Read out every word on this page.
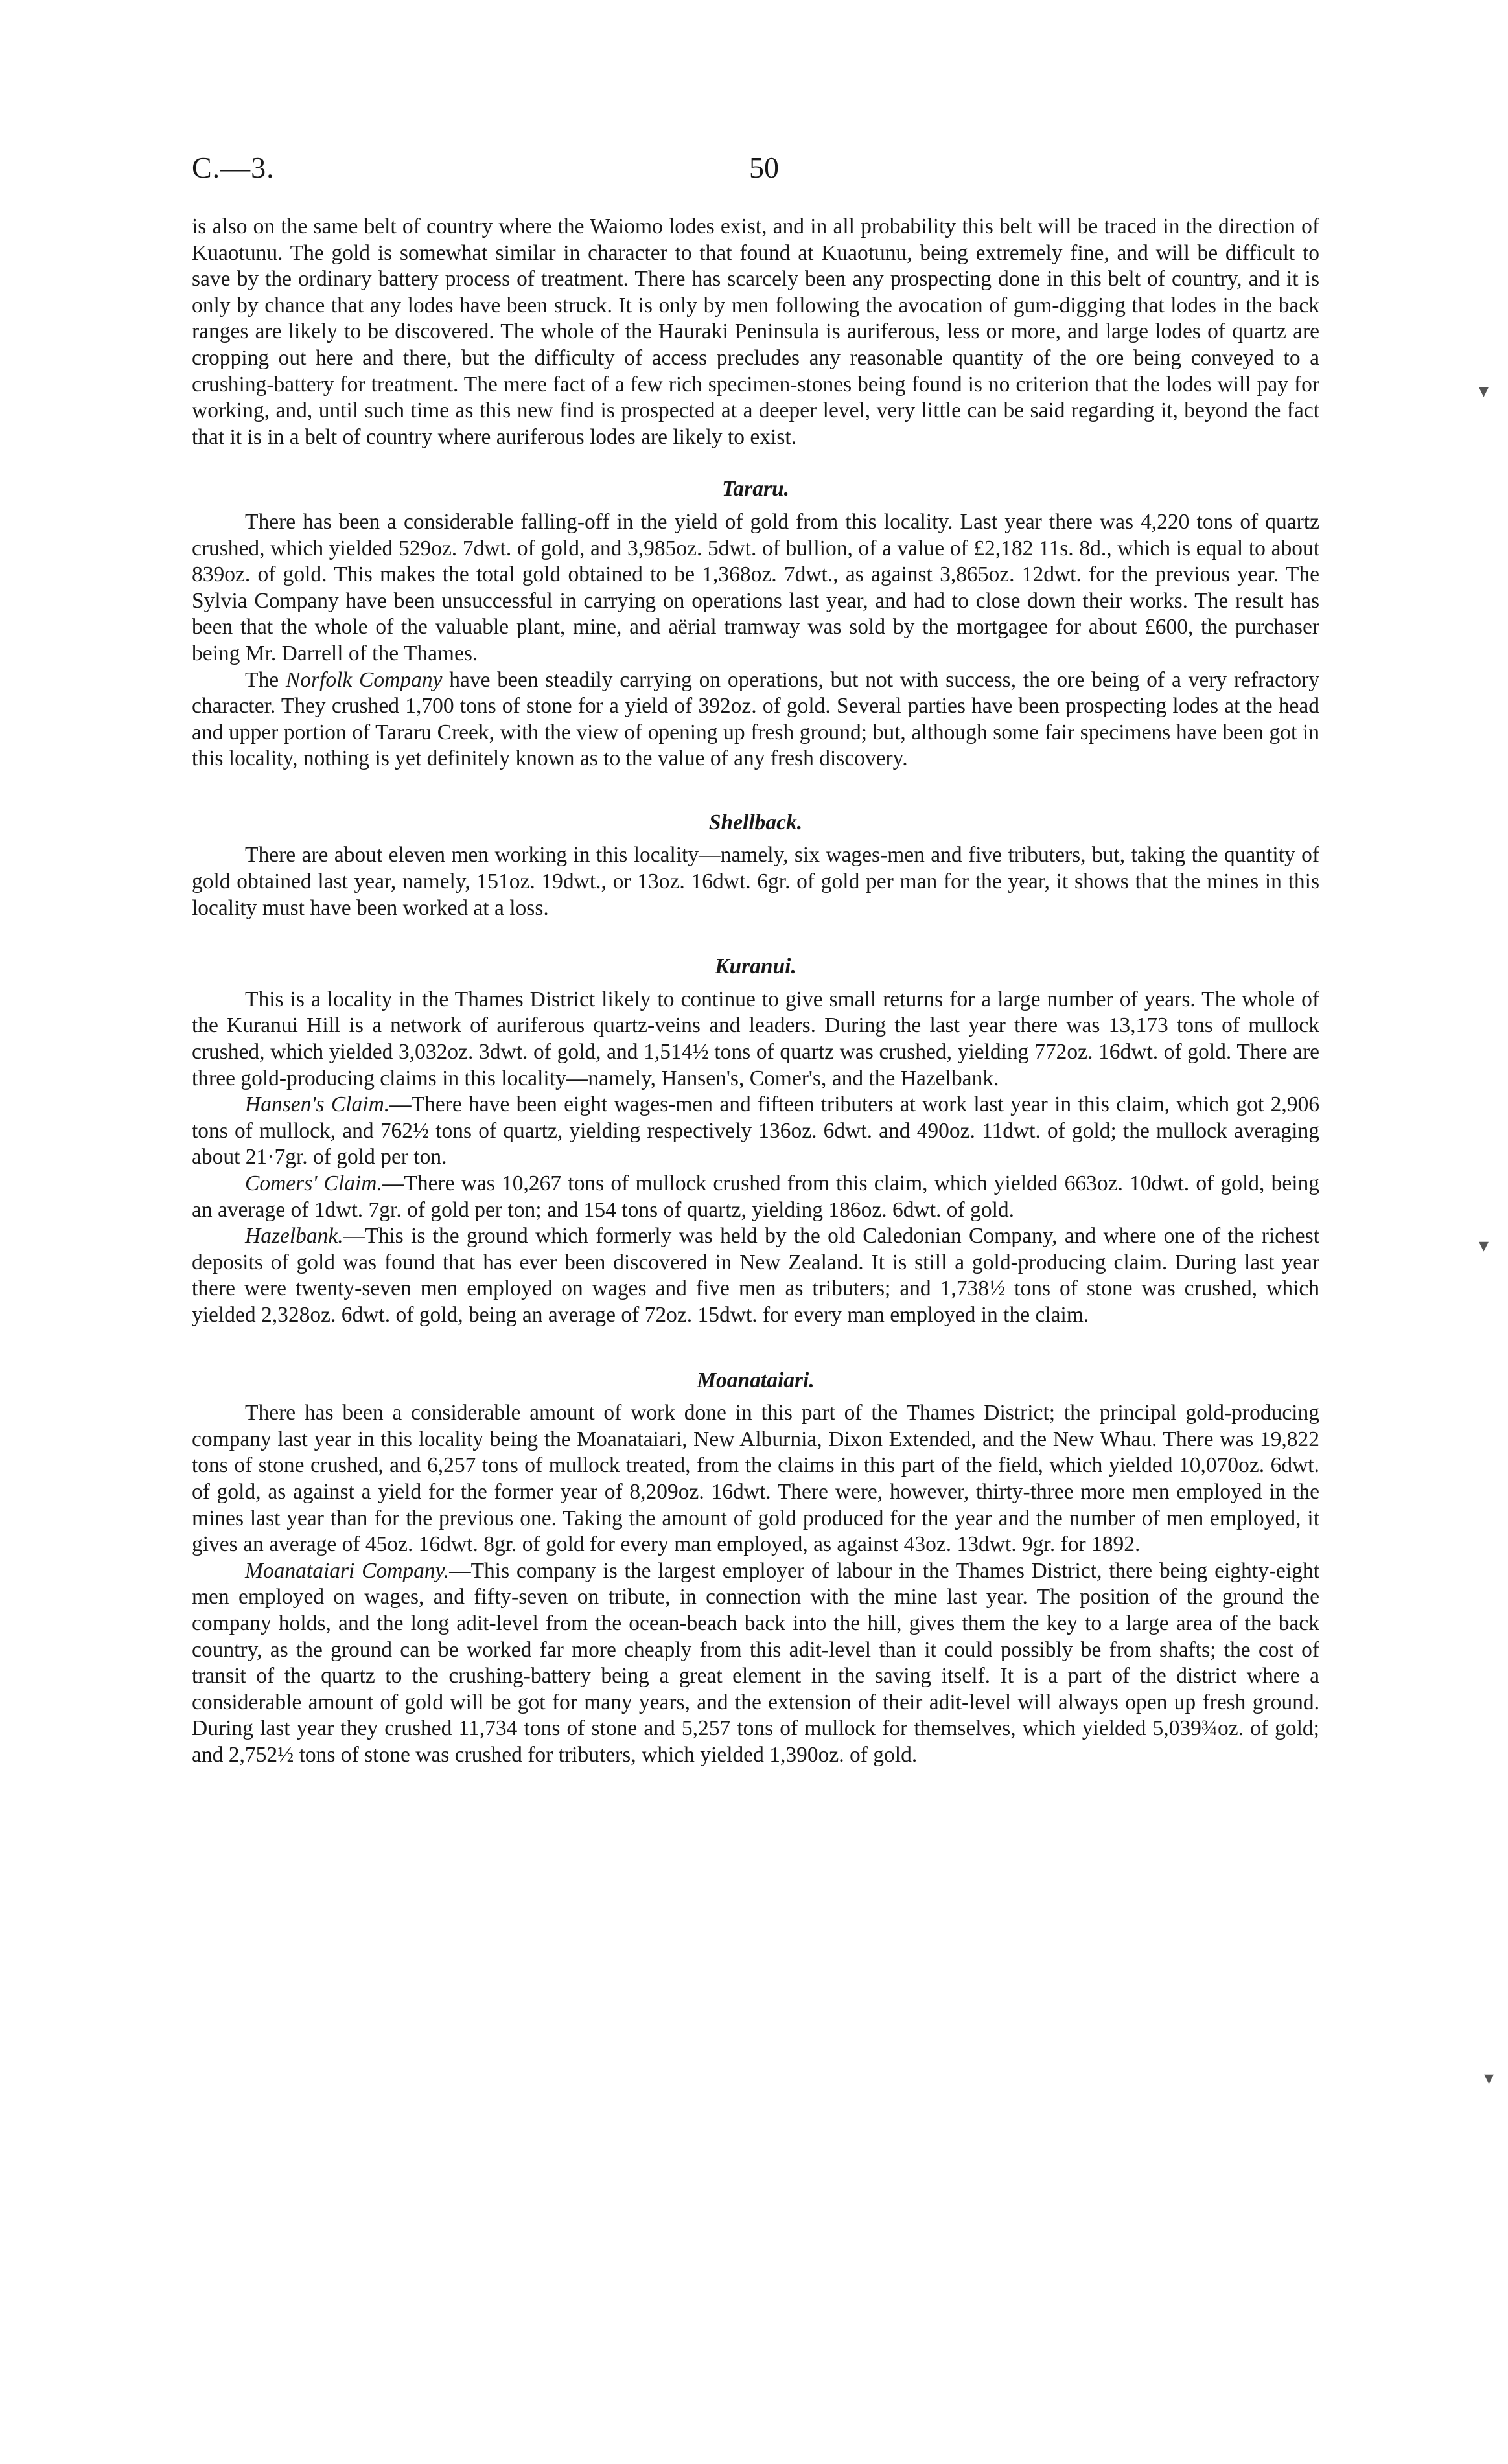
C.—3.	50

is also on the same belt of country where the Waiomo lodes exist, and in all probability this belt will be traced in the direction of Kuaotunu. The gold is somewhat similar in character to that found at Kuaotunu, being extremely fine, and will be difficult to save by the ordinary battery process of treatment. There has scarcely been any prospecting done in this belt of country, and it is only by chance that any lodes have been struck. It is only by men following the avocation of gum-digging that lodes in the back ranges are likely to be discovered. The whole of the Hauraki Peninsula is auriferous, less or more, and large lodes of quartz are cropping out here and there, but the difficulty of access precludes any reasonable quantity of the ore being conveyed to a crushing-battery for treatment. The mere fact of a few rich specimen-stones being found is no criterion that the lodes will pay for working, and, until such time as this new find is prospected at a deeper level, very little can be said regarding it, beyond the fact that it is in a belt of country where auriferous lodes are likely to exist.

Tararu.

There has been a considerable falling-off in the yield of gold from this locality. Last year there was 4,220 tons of quartz crushed, which yielded 529oz. 7dwt. of gold, and 3,985oz. 5dwt. of bullion, of a value of £2,182 11s. 8d., which is equal to about 839oz. of gold. This makes the total gold obtained to be 1,368oz. 7dwt., as against 3,865oz. 12dwt. for the previous year. The Sylvia Company have been unsuccessful in carrying on operations last year, and had to close down their works. The result has been that the whole of the valuable plant, mine, and aërial tramway was sold by the mortgagee for about £600, the purchaser being Mr. Darrell of the Thames.

The Norfolk Company have been steadily carrying on operations, but not with success, the ore being of a very refractory character. They crushed 1,700 tons of stone for a yield of 392oz. of gold. Several parties have been prospecting lodes at the head and upper portion of Tararu Creek, with the view of opening up fresh ground; but, although some fair specimens have been got in this locality, nothing is yet definitely known as to the value of any fresh discovery.

Shellback.

There are about eleven men working in this locality—namely, six wages-men and five tributers, but, taking the quantity of gold obtained last year, namely, 151oz. 19dwt., or 13oz. 16dwt. 6gr. of gold per man for the year, it shows that the mines in this locality must have been worked at a loss.

Kuranui.

This is a locality in the Thames District likely to continue to give small returns for a large number of years. The whole of the Kuranui Hill is a network of auriferous quartz-veins and leaders. During the last year there was 13,173 tons of mullock crushed, which yielded 3,032oz. 3dwt. of gold, and 1,514½ tons of quartz was crushed, yielding 772oz. 16dwt. of gold. There are three gold-producing claims in this locality—namely, Hansen's, Comer's, and the Hazelbank.

Hansen's Claim.—There have been eight wages-men and fifteen tributers at work last year in this claim, which got 2,906 tons of mullock, and 762½ tons of quartz, yielding respectively 136oz. 6dwt. and 490oz. 11dwt. of gold; the mullock averaging about 21·7gr. of gold per ton.

Comers' Claim.—There was 10,267 tons of mullock crushed from this claim, which yielded 663oz. 10dwt. of gold, being an average of 1dwt. 7gr. of gold per ton; and 154 tons of quartz, yielding 186oz. 6dwt. of gold.

Hazelbank.—This is the ground which formerly was held by the old Caledonian Company, and where one of the richest deposits of gold was found that has ever been discovered in New Zealand. It is still a gold-producing claim. During last year there were twenty-seven men employed on wages and five men as tributers; and 1,738½ tons of stone was crushed, which yielded 2,328oz. 6dwt. of gold, being an average of 72oz. 15dwt. for every man employed in the claim.

Moanataiari.

There has been a considerable amount of work done in this part of the Thames District; the principal gold-producing company last year in this locality being the Moanataiari, New Alburnia, Dixon Extended, and the New Whau. There was 19,822 tons of stone crushed, and 6,257 tons of mullock treated, from the claims in this part of the field, which yielded 10,070oz. 6dwt. of gold, as against a yield for the former year of 8,209oz. 16dwt. There were, however, thirty-three more men employed in the mines last year than for the previous one. Taking the amount of gold produced for the year and the number of men employed, it gives an average of 45oz. 16dwt. 8gr. of gold for every man employed, as against 43oz. 13dwt. 9gr. for 1892.

Moanataiari Company.—This company is the largest employer of labour in the Thames District, there being eighty-eight men employed on wages, and fifty-seven on tribute, in connection with the mine last year. The position of the ground the company holds, and the long adit-level from the ocean-beach back into the hill, gives them the key to a large area of the back country, as the ground can be worked far more cheaply from this adit-level than it could possibly be from shafts; the cost of transit of the quartz to the crushing-battery being a great element in the saving itself. It is a part of the district where a considerable amount of gold will be got for many years, and the extension of their adit-level will always open up fresh ground. During last year they crushed 11,734 tons of stone and 5,257 tons of mullock for themselves, which yielded 5,039¾oz. of gold; and 2,752½ tons of stone was crushed for tributers, which yielded 1,390oz. of gold.

▾
▾
▾
